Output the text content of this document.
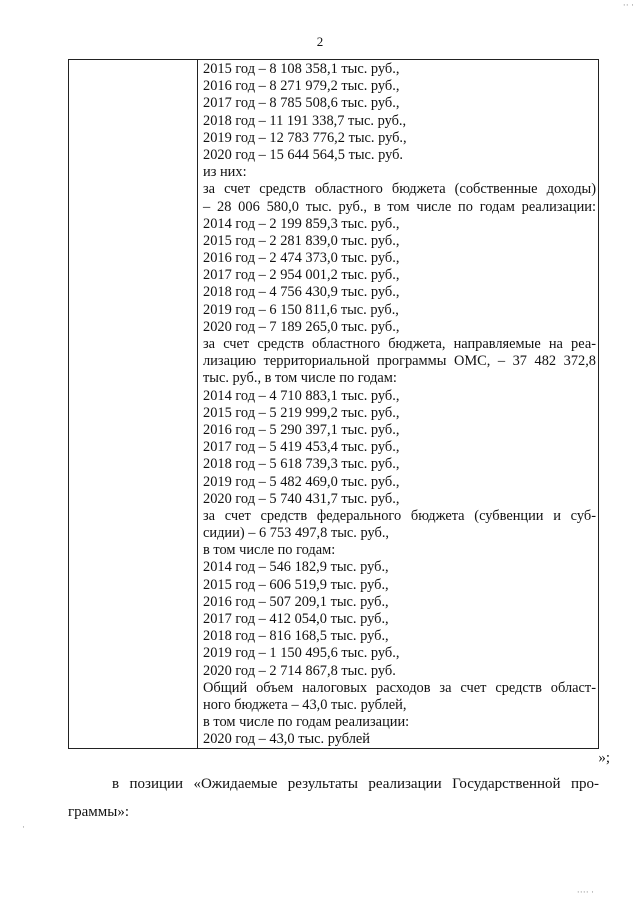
2
·· ·
2015 год – 8 108 358,1 тыс. руб.,
2016 год – 8 271 979,2 тыс. руб.,
2017 год – 8 785 508,6 тыс. руб.,
2018 год – 11 191 338,7 тыс. руб.,
2019 год – 12 783 776,2 тыс. руб.,
2020 год – 15 644 564,5 тыс. руб.
из них:
за счет средств областного бюджета (собственные доходы)
– 28 006 580,0 тыс. руб., в том числе по годам реализации:
2014 год – 2 199 859,3 тыс. руб.,
2015 год – 2 281 839,0 тыс. руб.,
2016 год – 2 474 373,0 тыс. руб.,
2017 год – 2 954 001,2 тыс. руб.,
2018 год – 4 756 430,9 тыс. руб.,
2019 год – 6 150 811,6 тыс. руб.,
2020 год – 7 189 265,0 тыс. руб.,
за счет средств областного бюджета, направляемые на реа-
лизацию территориальной программы ОМС, – 37 482 372,8
тыс. руб., в том числе по годам:
2014 год – 4 710 883,1 тыс. руб.,
2015 год – 5 219 999,2 тыс. руб.,
2016 год – 5 290 397,1 тыс. руб.,
2017 год – 5 419 453,4 тыс. руб.,
2018 год – 5 618 739,3 тыс. руб.,
2019 год – 5 482 469,0 тыс. руб.,
2020 год – 5 740 431,7 тыс. руб.,
за счет средств федерального бюджета (субвенции и суб-
сидии) – 6 753 497,8 тыс. руб.,
в том числе по годам:
2014 год – 546 182,9 тыс. руб.,
2015 год – 606 519,9 тыс. руб.,
2016 год – 507 209,1 тыс. руб.,
2017 год – 412 054,0 тыс. руб.,
2018 год – 816 168,5 тыс. руб.,
2019 год – 1 150 495,6 тыс. руб.,
2020 год – 2 714 867,8 тыс. руб.
Общий объем налоговых расходов за счет средств област-
ного бюджета – 43,0 тыс. рублей,
в том числе по годам реализации:
2020 год – 43,0 тыс. рублей
»;
в позиции «Ожидаемые результаты реализации Государственной про-
граммы»:
···· ·
·
